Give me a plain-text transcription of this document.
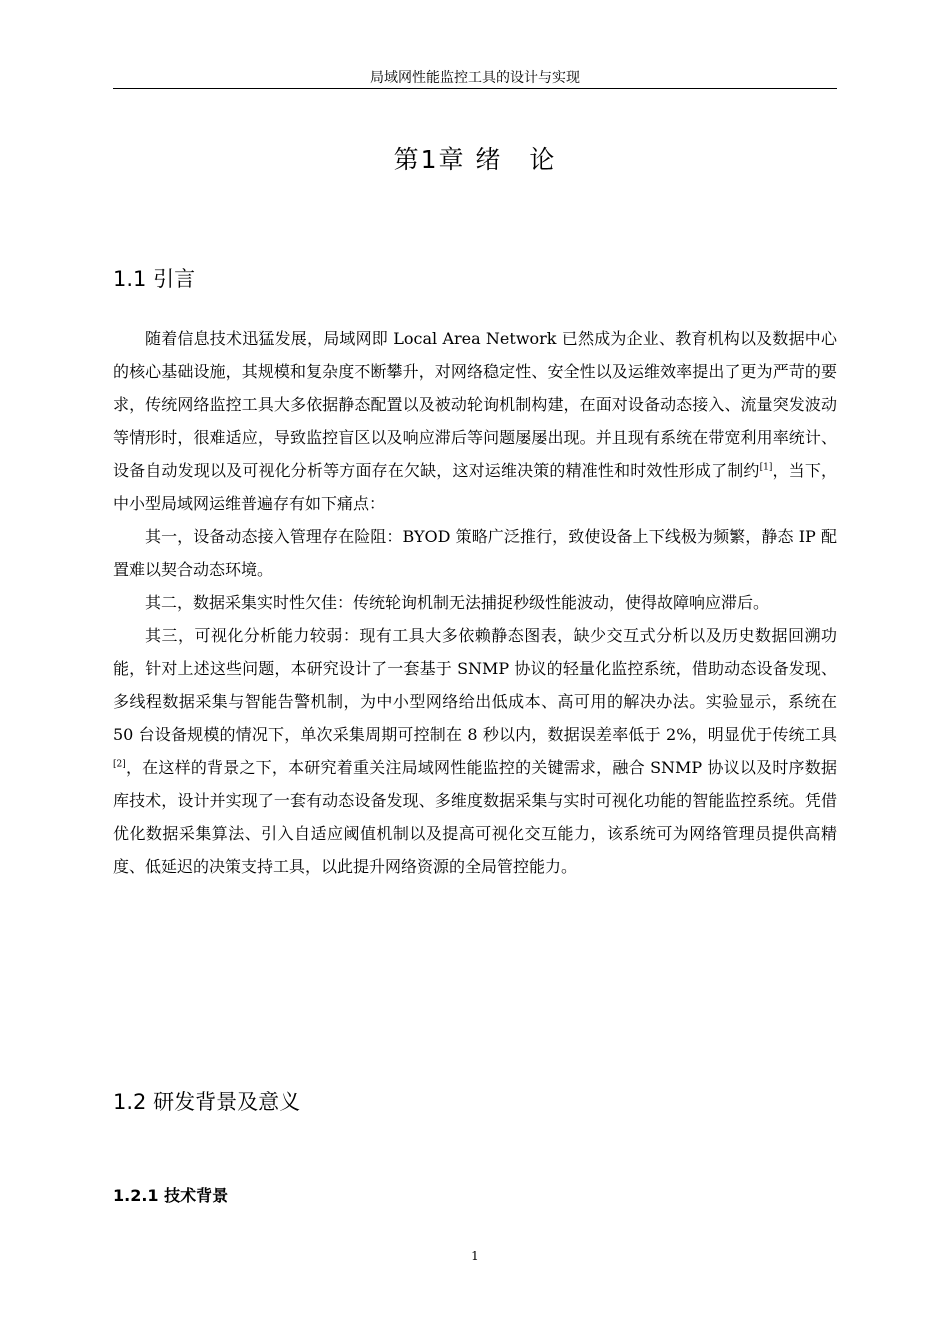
局域网性能监控工具的设计与实现
第1章 绪　论
1.1 引言

随着信息技术迅猛发展，局域网即 Local Area Network 已然成为企业、教育机构以及数据中心的核心基础设施，其规模和复杂度不断攀升，对网络稳定性、安全性以及运维效率提出了更为严苛的要求，传统网络监控工具大多依据静态配置以及被动轮询机制构建，在面对设备动态接入、流量突发波动等情形时，很难适应，导致监控盲区以及响应滞后等问题屡屡出现。并且现有系统在带宽利用率统计、设备自动发现以及可视化分析等方面存在欠缺，这对运维决策的精准性和时效性形成了制约[1]，当下，中小型局域网运维普遍存有如下痛点：

其一，设备动态接入管理存在险阻：BYOD 策略广泛推行，致使设备上下线极为频繁，静态 IP 配置难以契合动态环境。

其二，数据采集实时性欠佳：传统轮询机制无法捕捉秒级性能波动，使得故障响应滞后。

其三，可视化分析能力较弱：现有工具大多依赖静态图表，缺少交互式分析以及历史数据回溯功能，针对上述这些问题，本研究设计了一套基于 SNMP 协议的轻量化监控系统，借助动态设备发现、多线程数据采集与智能告警机制，为中小型网络给出低成本、高可用的解决办法。实验显示，系统在 50 台设备规模的情况下，单次采集周期可控制在 8 秒以内，数据误差率低于 2%，明显优于传统工具[2]，在这样的背景之下，本研究着重关注局域网性能监控的关键需求，融合 SNMP 协议以及时序数据库技术，设计并实现了一套有动态设备发现、多维度数据采集与实时可视化功能的智能监控系统。凭借优化数据采集算法、引入自适应阈值机制以及提高可视化交互能力，该系统可为网络管理员提供高精度、低延迟的决策支持工具，以此提升网络资源的全局管控能力。

1.2 研发背景及意义
1.2.1 技术背景
1
